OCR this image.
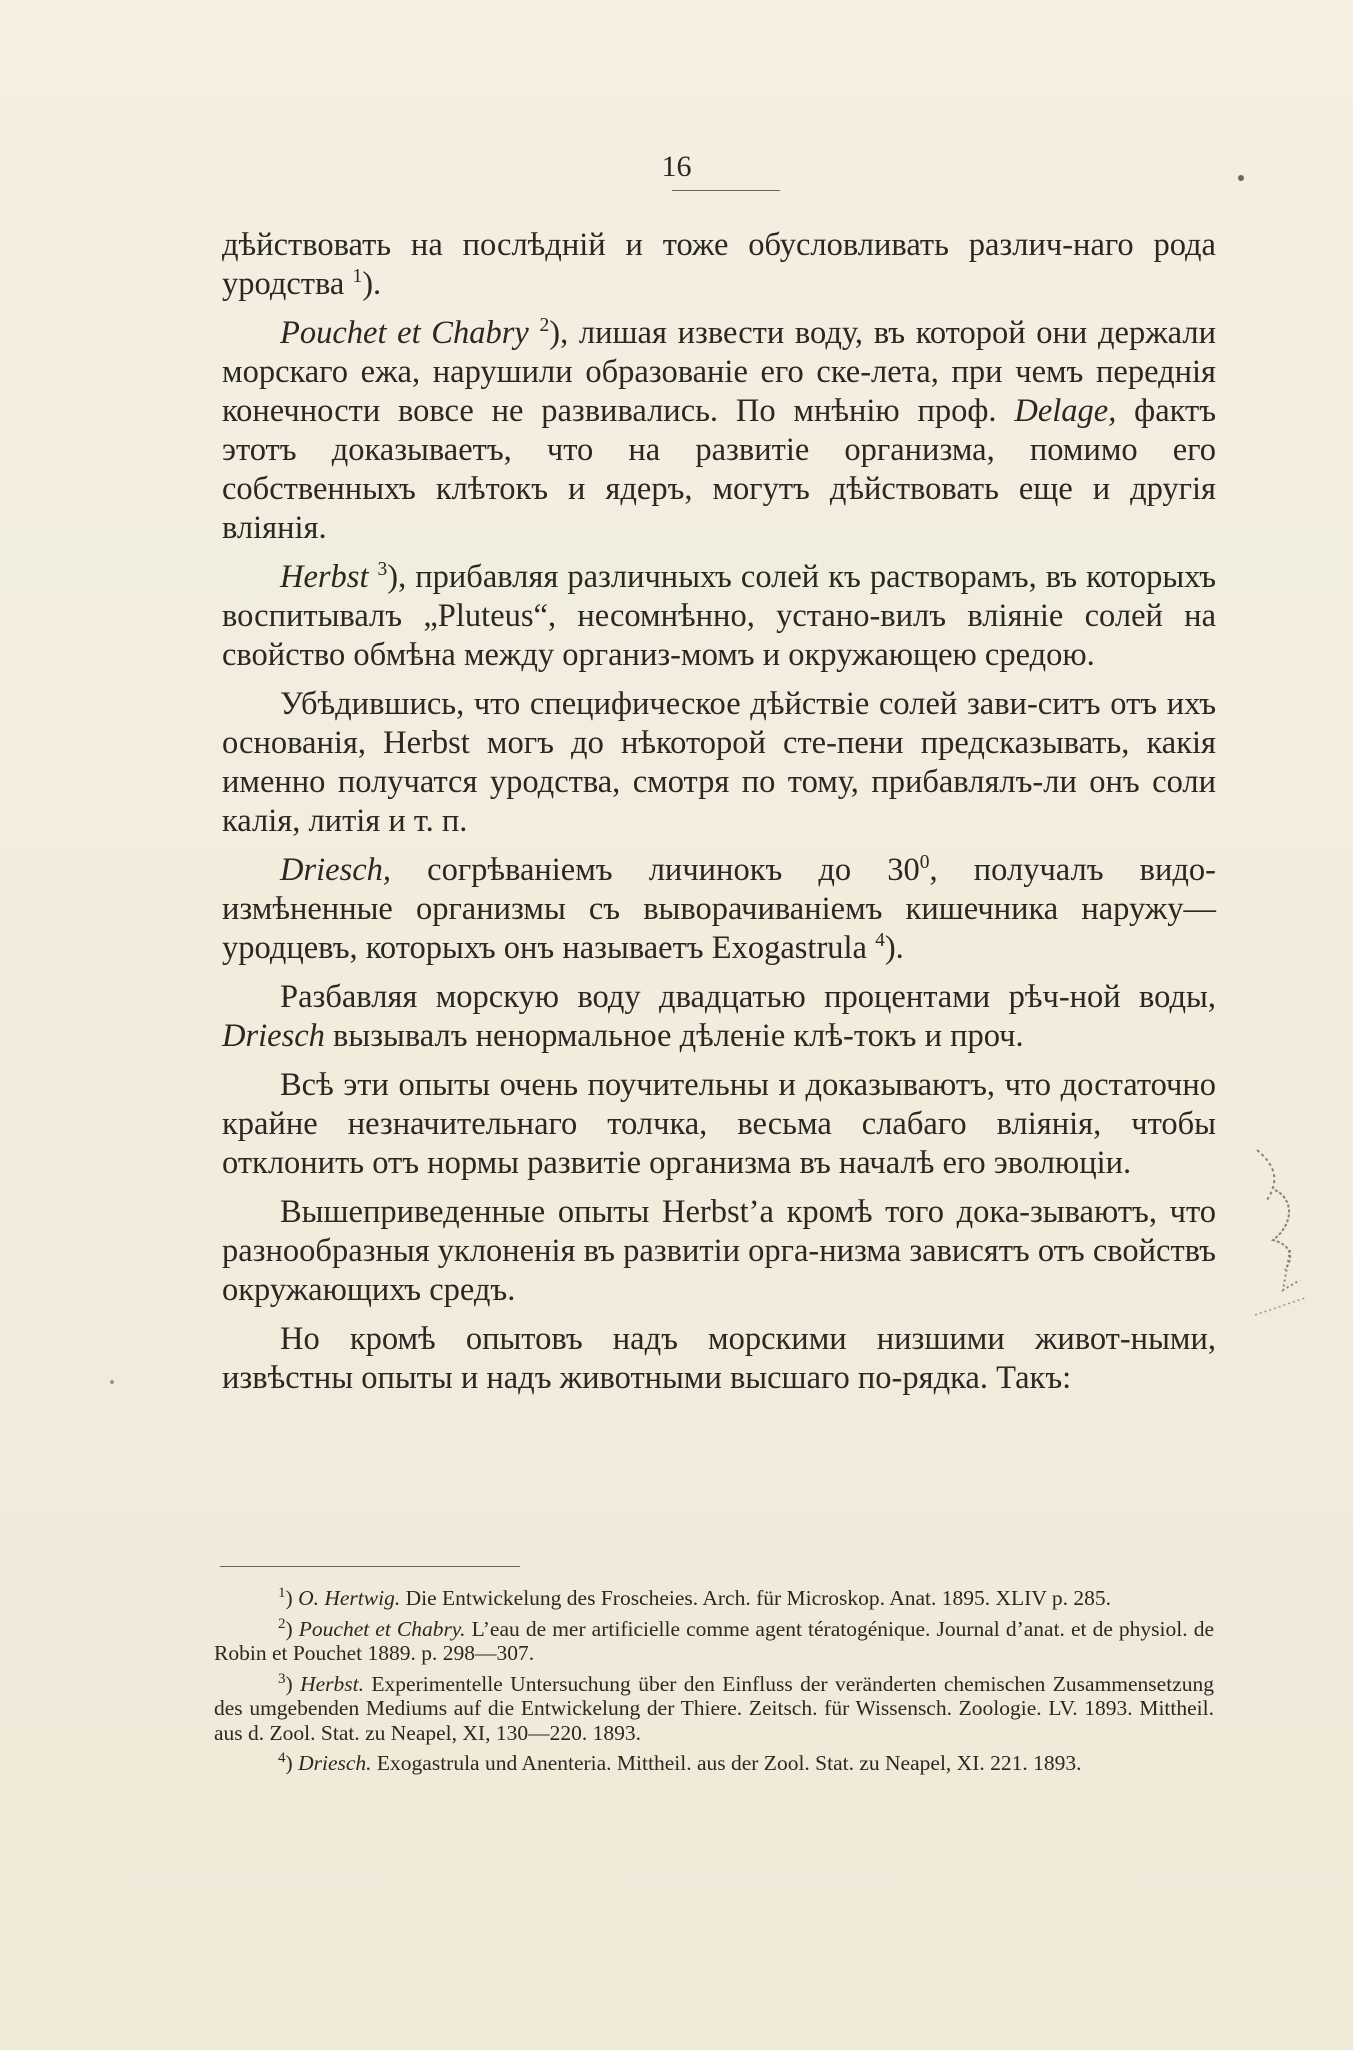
16

дѣйствовать на послѣдній и тоже обусловливать различ-наго рода уродства $^1$).

Pouchet et Chabry $^2$), лишая извести воду, въ которой они держали морскаго ежа, нарушили образованіе его ске-лета, при чемъ переднія конечности вовсе не развивались. По мнѣнію проф. Delage, фактъ этотъ доказываетъ, что на развитіе организма, помимо его собственныхъ клѣтокъ и ядеръ, могутъ дѣйствовать еще и другія вліянія.

Herbst $^3$), прибавляя различныхъ солей къ растворамъ, въ которыхъ воспитывалъ „Pluteus“, несомнѣнно, устано-вилъ вліяніе солей на свойство обмѣна между организ-момъ и окружающею средою.

Убѣдившись, что специфическое дѣйствіе солей зави-ситъ отъ ихъ основанія, Herbst могъ до нѣкоторой сте-пени предсказывать, какія именно получатся уродства, смотря по тому, прибавлялъ-ли онъ соли калія, литія и т. п.

Driesch, согрѣваніемъ личинокъ до $30^0$, получалъ видо-измѣненные организмы съ выворачиваніемъ кишечника наружу—уродцевъ, которыхъ онъ называетъ Exogastrula $^4$).

Разбавляя морскую воду двадцатью процентами рѣч-ной воды, Driesch вызывалъ ненормальное дѣленіе клѣ-токъ и проч.

Всѣ эти опыты очень поучительны и доказываютъ, что достаточно крайне незначительнаго толчка, весьма слабаго вліянія, чтобы отклонить отъ нормы развитіе организма въ началѣ его эволюціи.

Вышеприведенные опыты Herbst’a кромѣ того дока-зываютъ, что разнообразныя уклоненія въ развитіи орга-низма зависятъ отъ свойствъ окружающихъ средъ.

Но кромѣ опытовъ надъ морскими низшими живот-ными, извѣстны опыты и надъ животными высшаго по-рядка. Такъ:

$^1$) O. Hertwig. Die Entwickelung des Froscheies. Arch. für Microskop. Anat. 1895. XLIV p. 285.

$^2$) Pouchet et Chabry. L’eau de mer artificielle comme agent tératogénique. Journal d’anat. et de physiol. de Robin et Pouchet 1889. p. 298—307.

$^3$) Herbst. Experimentelle Untersuchung über den Einfluss der veränderten chemischen Zusammensetzung des umgebenden Mediums auf die Entwickelung der Thiere. Zeitsch. für Wissensch. Zoologie. LV. 1893. Mittheil. aus d. Zool. Stat. zu Neapel, XI, 130—220. 1893.

$^4$) Driesch. Exogastrula und Anenteria. Mittheil. aus der Zool. Stat. zu Neapel, XI. 221. 1893.
